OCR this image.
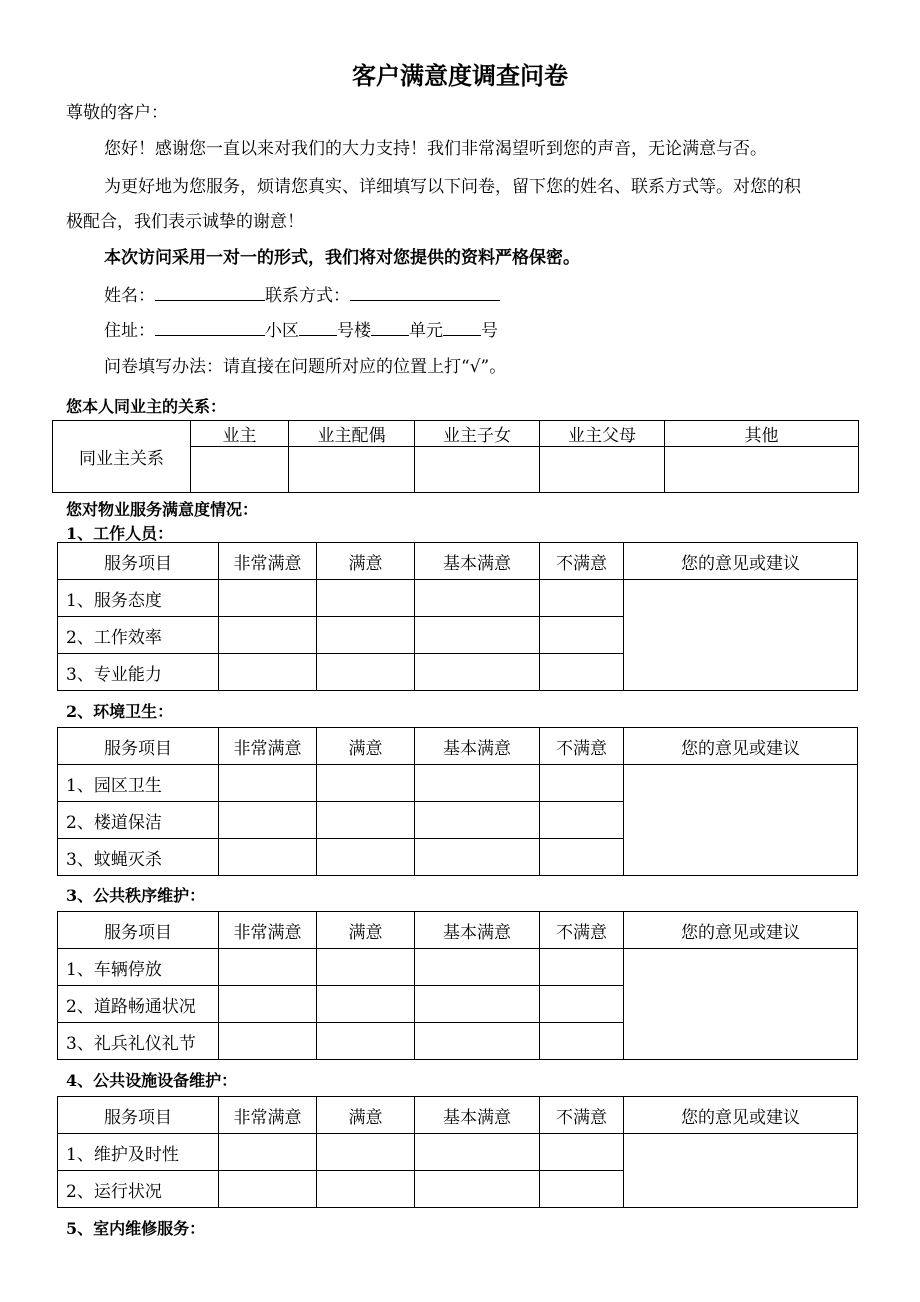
客户满意度调查问卷
尊敬的客户：
您好！感谢您一直以来对我们的大力支持！我们非常渴望听到您的声音，无论满意与否。
为更好地为您服务，烦请您真实、详细填写以下问卷，留下您的姓名、联系方式等。对您的积
极配合，我们表示诚挚的谢意！
本次访问采用一对一的形式，我们将对您提供的资料严格保密。
姓名：	联系方式：
住址：	小区 号楼 单元 号
问卷填写办法：请直接在问题所对应的位置上打“√”。
您本人同业主的关系：
同业主关系	业主	业主配偶	业主子女	业主父母	其他

您对物业服务满意度情况：
1、工作人员：
服务项目	非常满意	满意	基本满意	不满意	您的意见或建议
1、服务态度					
2、工作效率					
3、专业能力					
2、环境卫生：
服务项目	非常满意	满意	基本满意	不满意	您的意见或建议
1、园区卫生					
2、楼道保洁					
3、蚊蝇灭杀					
3、公共秩序维护：
服务项目	非常满意	满意	基本满意	不满意	您的意见或建议
1、车辆停放					
2、道路畅通状况					
3、礼兵礼仪礼节					
4、公共设施设备维护：
服务项目	非常满意	满意	基本满意	不满意	您的意见或建议
1、维护及时性					
2、运行状况					
5、室内维修服务：
